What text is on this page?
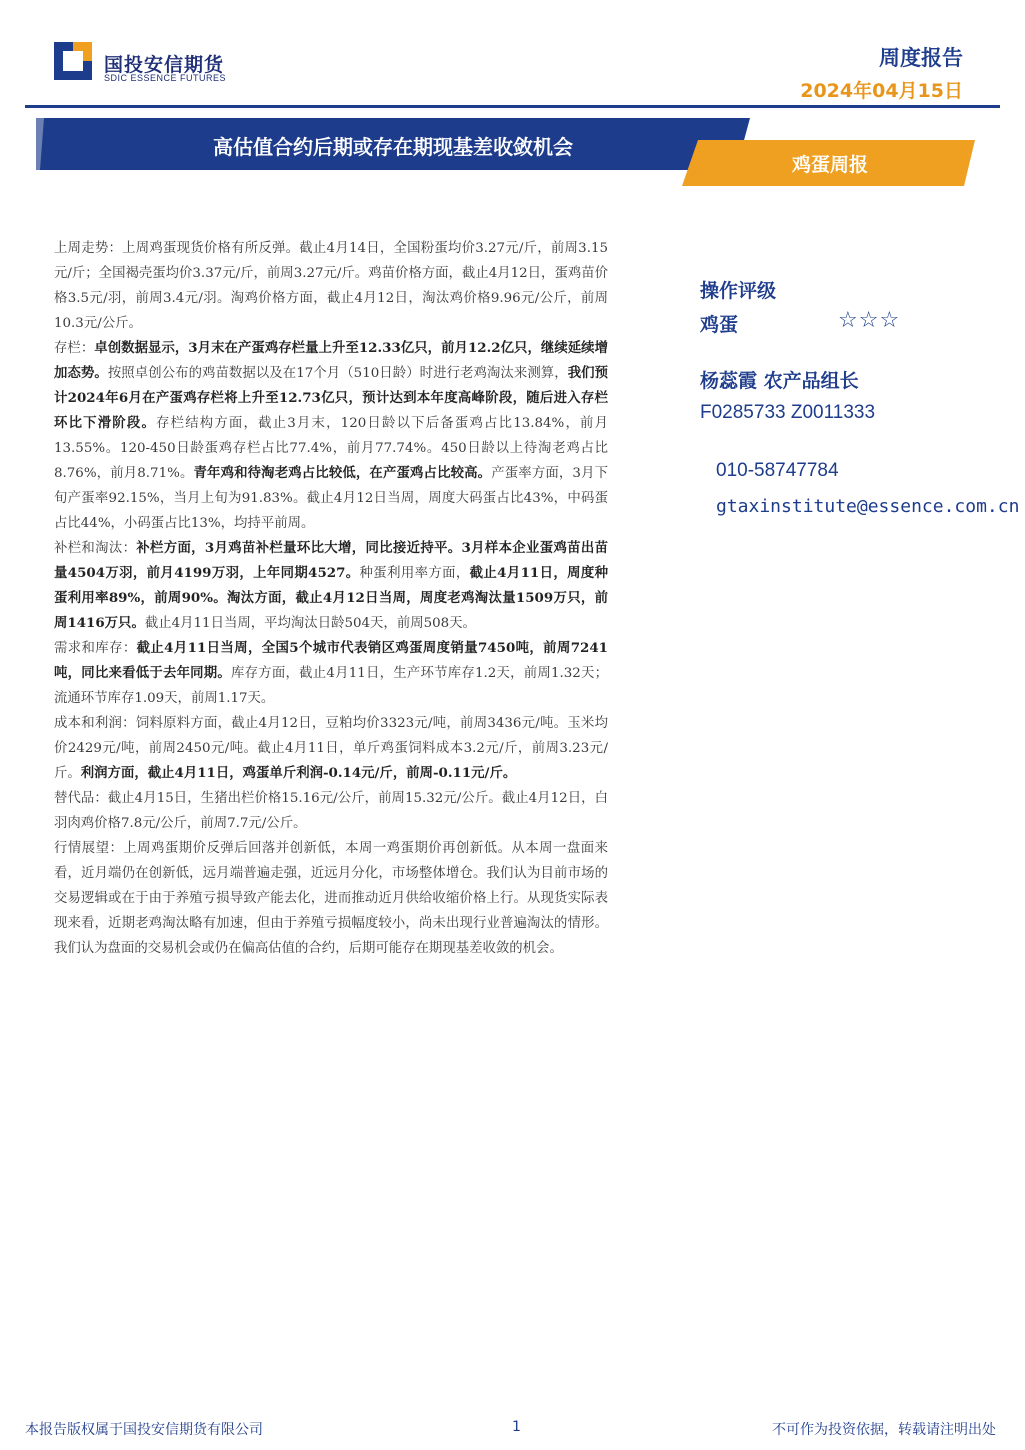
国投安信期货
SDIC ESSENCE FUTURES
周度报告
2024年04月15日
高估值合约后期或存在期现基差收敛机会
鸡蛋周报

上周走势：上周鸡蛋现货价格有所反弹。截止4月14日，全国粉蛋均价3.27元/斤，前周3.15元/斤；全国褐壳蛋均价3.37元/斤，前周3.27元/斤。鸡苗价格方面，截止4月12日，蛋鸡苗价格3.5元/羽，前周3.4元/羽。淘鸡价格方面，截止4月12日，淘汰鸡价格9.96元/公斤，前周10.3元/公斤。

存栏：卓创数据显示，3月末在产蛋鸡存栏量上升至12.33亿只，前月12.2亿只，继续延续增加态势。按照卓创公布的鸡苗数据以及在17个月（510日龄）时进行老鸡淘汰来测算，我们预计2024年6月在产蛋鸡存栏将上升至12.73亿只，预计达到本年度高峰阶段，随后进入存栏环比下滑阶段。存栏结构方面，截止3月末，120日龄以下后备蛋鸡占比13.84%，前月13.55%。120-450日龄蛋鸡存栏占比77.4%，前月77.74%。450日龄以上待淘老鸡占比8.76%，前月8.71%。青年鸡和待淘老鸡占比较低，在产蛋鸡占比较高。产蛋率方面，3月下旬产蛋率92.15%，当月上旬为91.83%。截止4月12日当周，周度大码蛋占比43%，中码蛋占比44%，小码蛋占比13%，均持平前周。

补栏和淘汰：补栏方面，3月鸡苗补栏量环比大增，同比接近持平。3月样本企业蛋鸡苗出苗量4504万羽，前月4199万羽，上年同期4527。种蛋利用率方面，截止4月11日，周度种蛋利用率89%，前周90%。淘汰方面，截止4月12日当周，周度老鸡淘汰量1509万只，前周1416万只。截止4月11日当周，平均淘汰日龄504天，前周508天。

需求和库存：截止4月11日当周，全国5个城市代表销区鸡蛋周度销量7450吨，前周7241吨，同比来看低于去年同期。库存方面，截止4月11日，生产环节库存1.2天，前周1.32天；流通环节库存1.09天，前周1.17天。

成本和利润：饲料原料方面，截止4月12日，豆粕均价3323元/吨，前周3436元/吨。玉米均价2429元/吨，前周2450元/吨。截止4月11日，单斤鸡蛋饲料成本3.2元/斤，前周3.23元/斤。利润方面，截止4月11日，鸡蛋单斤利润-0.14元/斤，前周-0.11元/斤。

替代品：截止4月15日，生猪出栏价格15.16元/公斤，前周15.32元/公斤。截止4月12日，白羽肉鸡价格7.8元/公斤，前周7.7元/公斤。

行情展望：上周鸡蛋期价反弹后回落并创新低，本周一鸡蛋期价再创新低。从本周一盘面来看，近月端仍在创新低，远月端普遍走强，近远月分化，市场整体增仓。我们认为目前市场的交易逻辑或在于由于养殖亏损导致产能去化，进而推动近月供给收缩价格上行。从现货实际表现来看，近期老鸡淘汰略有加速，但由于养殖亏损幅度较小，尚未出现行业普遍淘汰的情形。我们认为盘面的交易机会或仍在偏高估值的合约，后期可能存在期现基差收敛的机会。

操作评级
鸡蛋	☆☆☆
杨蕊霞 农产品组长
F0285733 Z0011333
010-58747784
gtaxinstitute@essence.com.cn
本报告版权属于国投安信期货有限公司	1	不可作为投资依据，转载请注明出处
